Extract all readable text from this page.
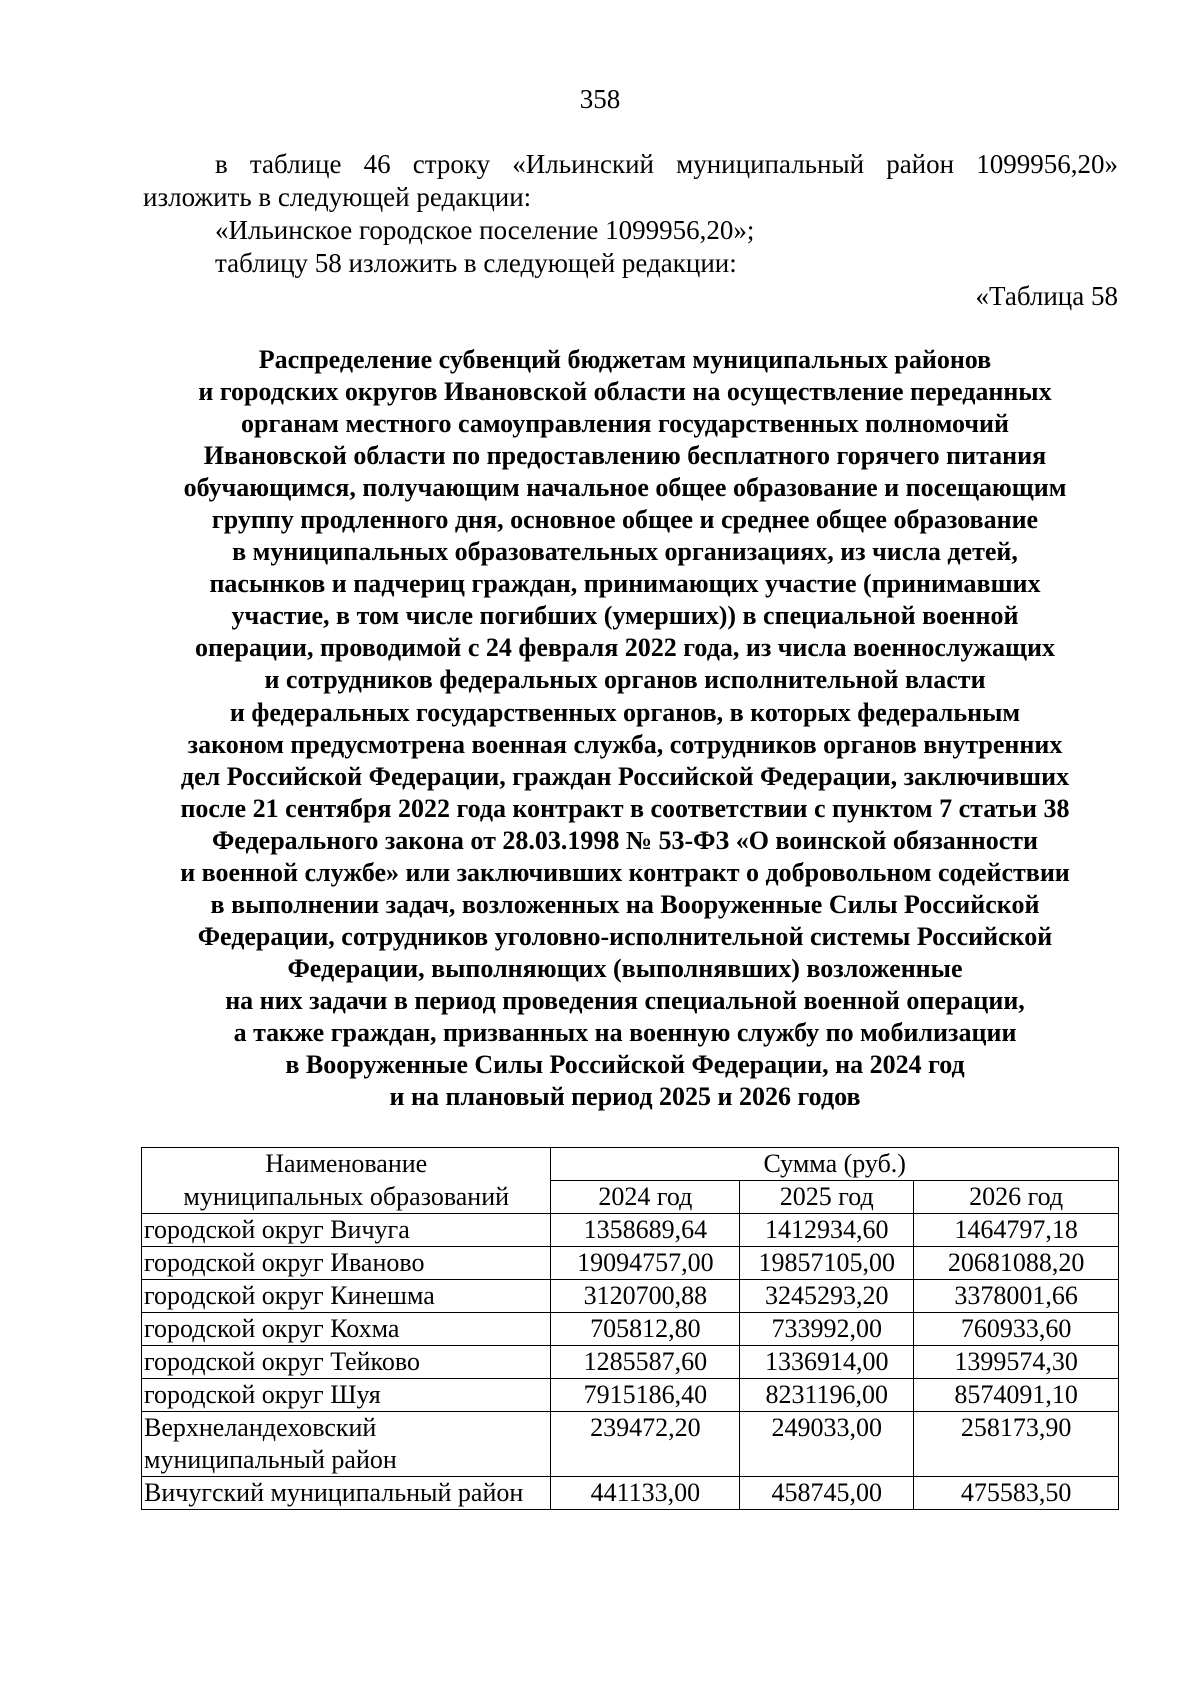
358

в таблице 46 строку «Ильинский муниципальный район 1099956,20» изложить в следующей редакции:

«Ильинское городское поселение 1099956,20»;

таблицу 58 изложить в следующей редакции:

«Таблица 58

Распределение субвенций бюджетам муниципальных районов
и городских округов Ивановской области на осуществление переданных
органам местного самоуправления государственных полномочий
Ивановской области по предоставлению бесплатного горячего питания
обучающимся, получающим начальное общее образование и посещающим
группу продленного дня, основное общее и среднее общее образование
в муниципальных образовательных организациях, из числа детей,
пасынков и падчериц граждан, принимающих участие (принимавших
участие, в том числе погибших (умерших)) в специальной военной
операции, проводимой с 24 февраля 2022 года, из числа военнослужащих
и сотрудников федеральных органов исполнительной власти
и федеральных государственных органов, в которых федеральным
законом предусмотрена военная служба, сотрудников органов внутренних
дел Российской Федерации, граждан Российской Федерации, заключивших
после 21 сентября 2022 года контракт в соответствии с пунктом 7 статьи 38
Федерального закона от 28.03.1998 № 53-ФЗ «О воинской обязанности
и военной службе» или заключивших контракт о добровольном содействии
в выполнении задач, возложенных на Вооруженные Силы Российской
Федерации, сотрудников уголовно-исполнительной системы Российской
Федерации, выполняющих (выполнявших) возложенные
на них задачи в период проведения специальной военной операции,
а также граждан, призванных на военную службу по мобилизации
в Вооруженные Силы Российской Федерации, на 2024 год
и на плановый период 2025 и 2026 годов
Наименование	Сумма (руб.)		
муниципальных образований	2024 год	2025 год	2026 год
городской округ Вичуга	1358689,64	1412934,60	1464797,18
городской округ Иваново	19094757,00	19857105,00	20681088,20
городской округ Кинешма	3120700,88	3245293,20	3378001,66
городской округ Кохма	705812,80	733992,00	760933,60
городской округ Тейково	1285587,60	1336914,00	1399574,30
городской округ Шуя	7915186,40	8231196,00	8574091,10
Верхнеландеховский муниципальный район	239472,20	249033,00	258173,90
Вичугский муниципальный район	441133,00	458745,00	475583,50
